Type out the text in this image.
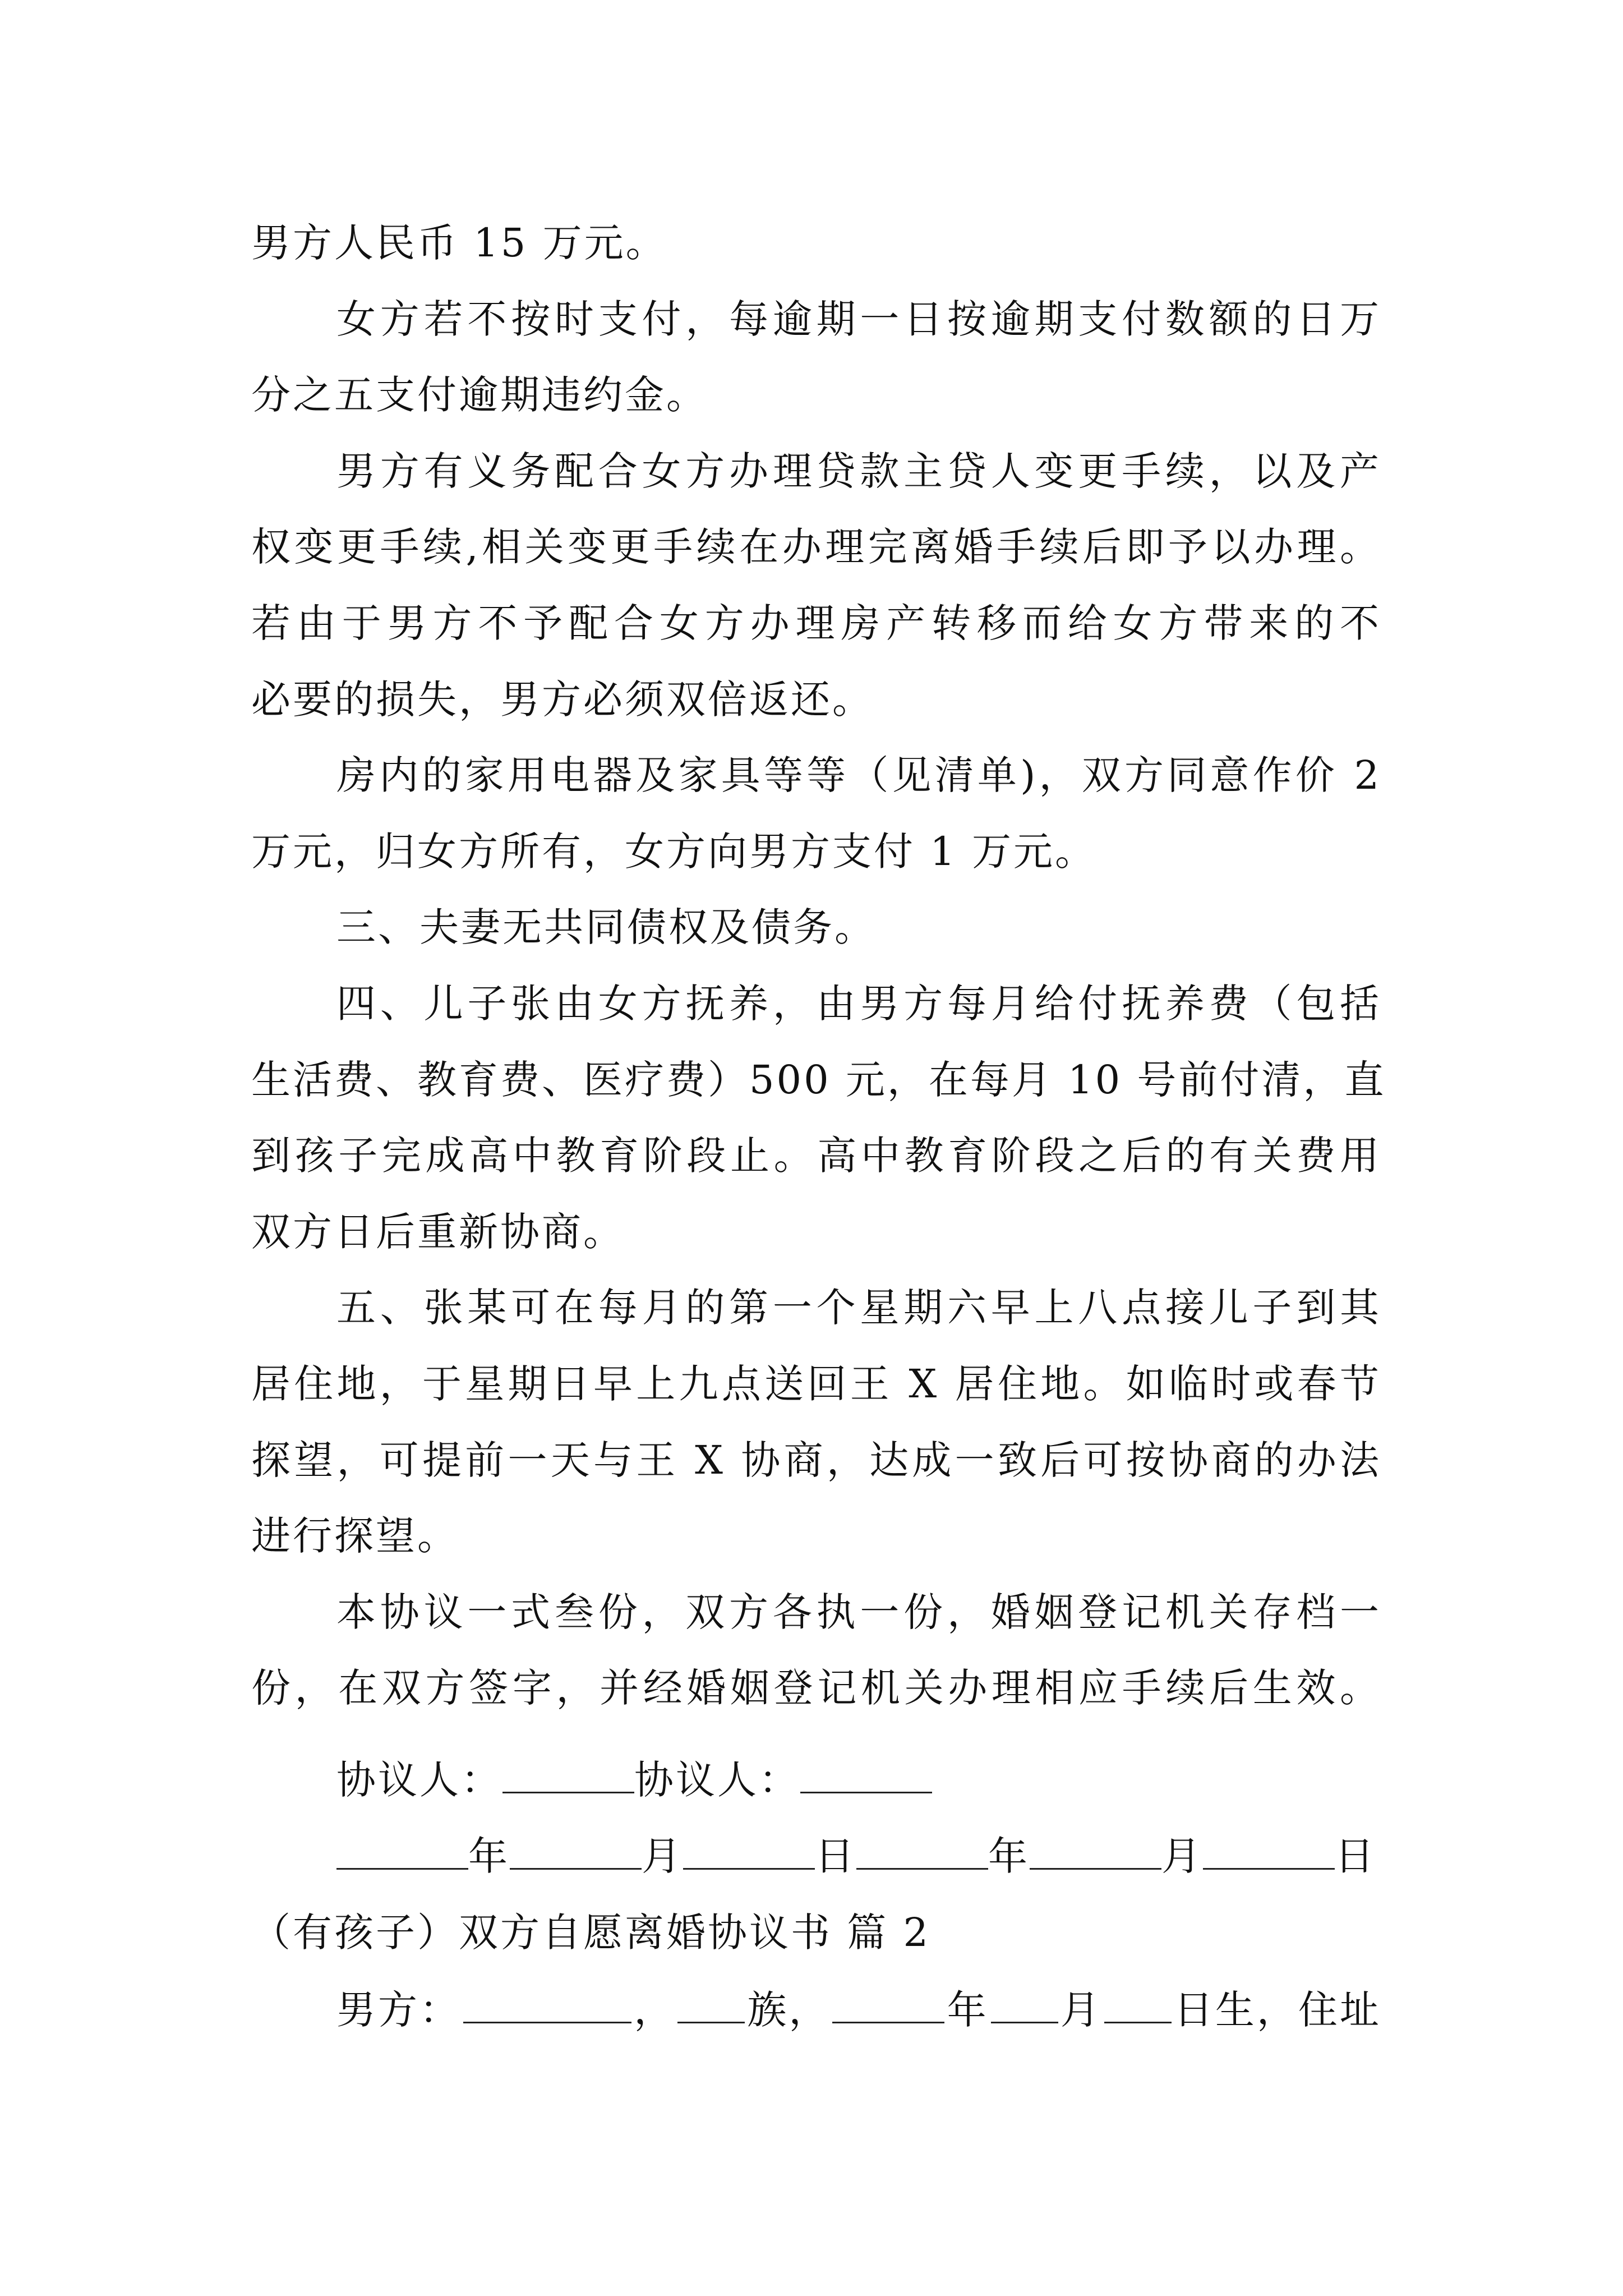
男方人民币 15 万元。
女方若不按时支付，每逾期一日按逾期支付数额的日万
分之五支付逾期违约金。
男方有义务配合女方办理贷款主贷人变更手续，以及产
权变更手续,相关变更手续在办理完离婚手续后即予以办理。
若由于男方不予配合女方办理房产转移而给女方带来的不
必要的损失，男方必须双倍返还。
房内的家用电器及家具等等（见清单)，双方同意作价 2
万元，归女方所有，女方向男方支付 1 万元。
三、夫妻无共同债权及债务。
四、儿子张由女方抚养，由男方每月给付抚养费（包括
生活费、教育费、医疗费）500 元，在每月 10 号前付清，直
到孩子完成高中教育阶段止。高中教育阶段之后的有关费用
双方日后重新协商。
五、张某可在每月的第一个星期六早上八点接儿子到其
居住地，于星期日早上九点送回王 X 居住地。如临时或春节
探望，可提前一天与王 X 协商，达成一致后可按协商的办法
进行探望。
本协议一式叁份，双方各执一份，婚姻登记机关存档一
份，在双方签字，并经婚姻登记机关办理相应手续后生效。
协议人：	协议人：
年	月	日	年	月	日
（有孩子）双方自愿离婚协议书 篇 2
男方：	， 族，	年 月 日生，住址
